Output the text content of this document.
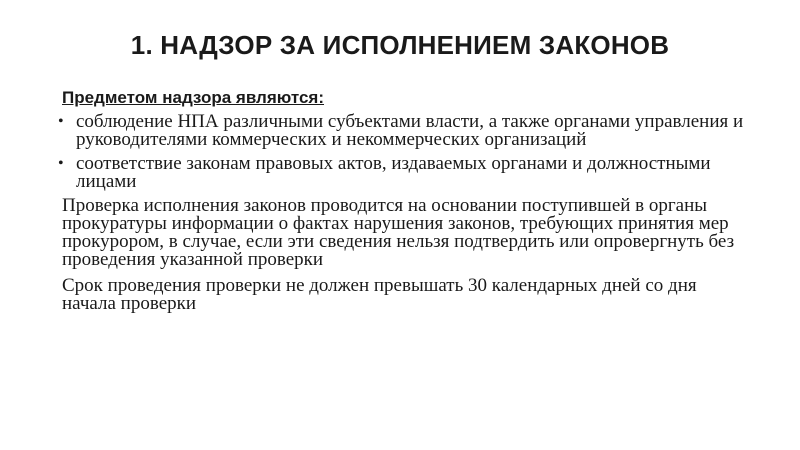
1. НАДЗОР ЗА ИСПОЛНЕНИЕМ ЗАКОНОВ
Предметом надзора являются:
• соблюдение НПА различными субъектами власти, а также органами управления и руководителями коммерческих и некоммерческих организаций
• соответствие законам правовых актов, издаваемых органами и должностными лицами

Проверка исполнения законов проводится на основании поступившей в органы прокуратуры информации о фактах нарушения законов, требующих принятия мер прокурором, в случае, если эти сведения нельзя подтвердить или опровергнуть без проведения указанной проверки

Срок проведения проверки не должен превышать 30 календарных дней со дня начала проверки
